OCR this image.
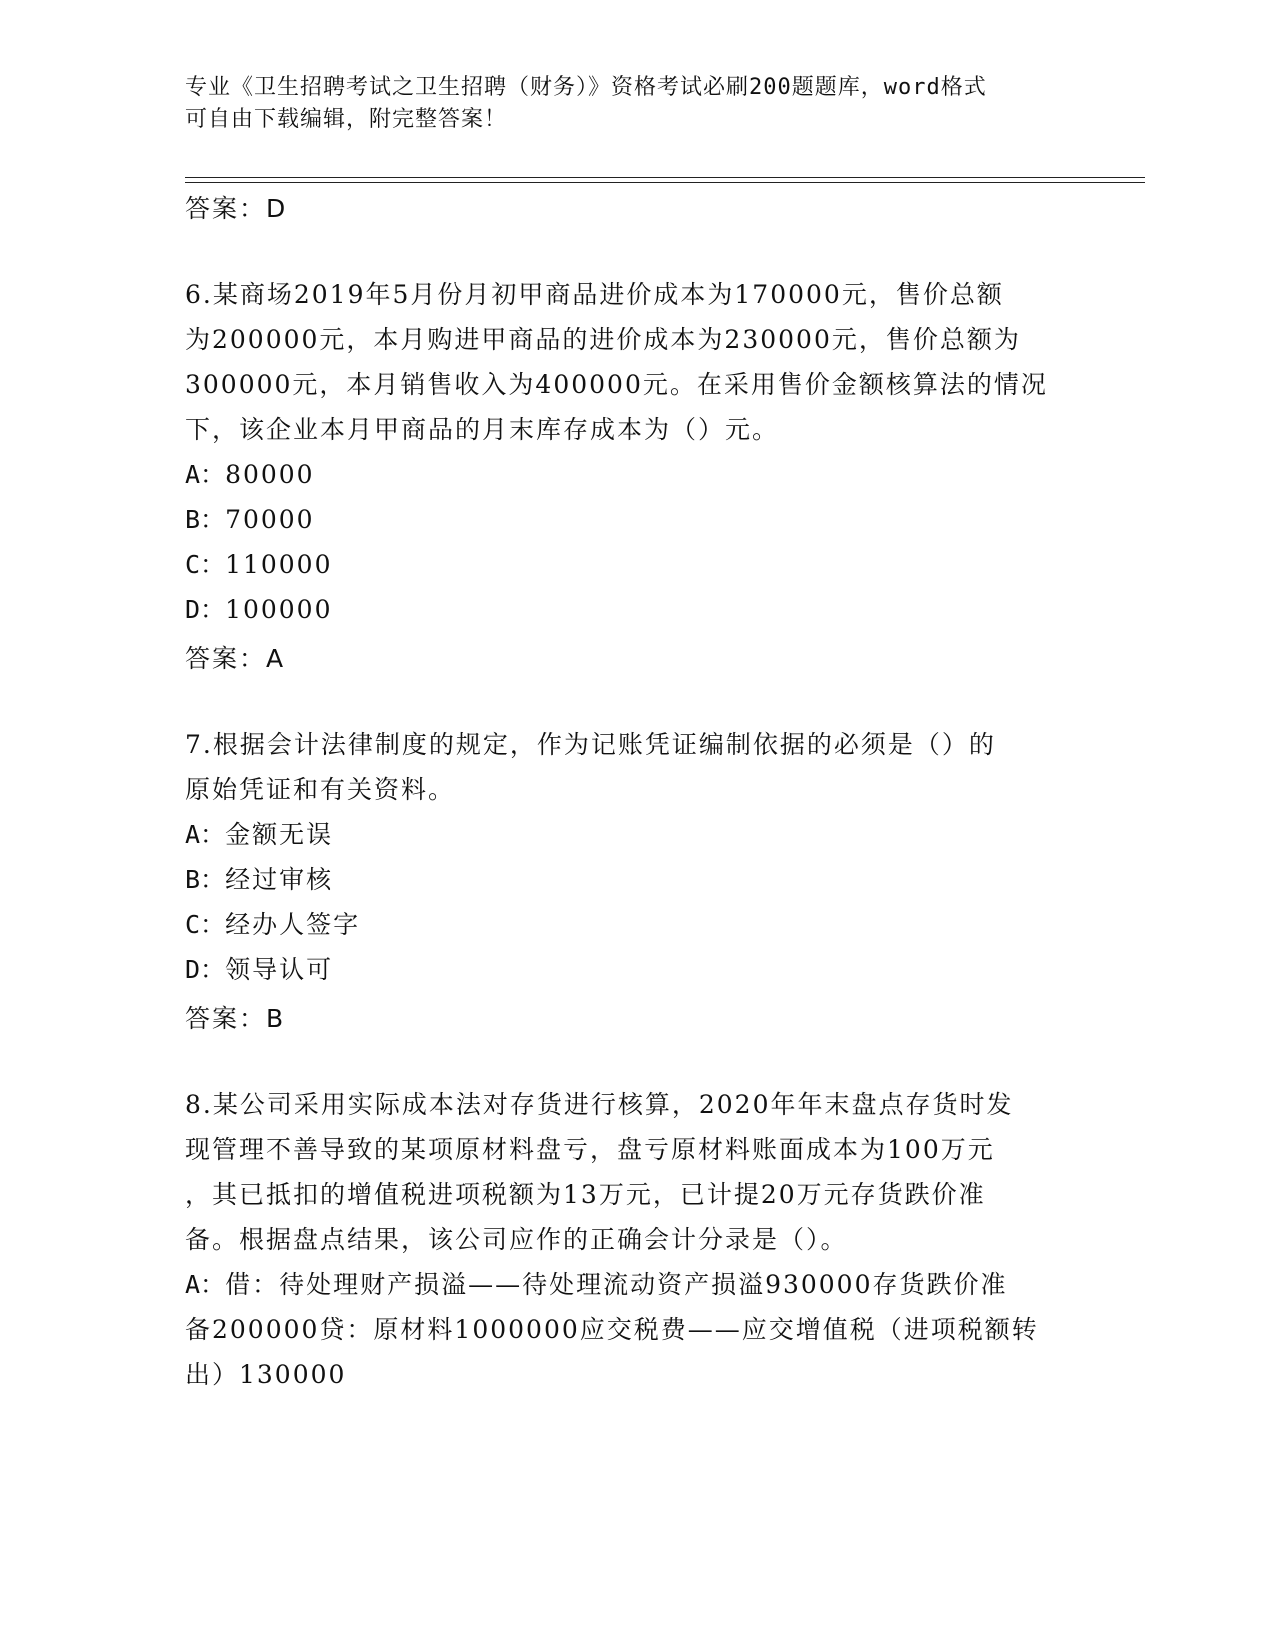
专业《卫生招聘考试之卫生招聘（财务）》资格考试必刷200题题库，word格式
可自由下载编辑，附完整答案！
答案：D
6.某商场2019年5月份月初甲商品进价成本为170000元，售价总额
为200000元，本月购进甲商品的进价成本为230000元，售价总额为
300000元，本月销售收入为400000元。在采用售价金额核算法的情况
下，该企业本月甲商品的月末库存成本为（）元。
A：80000
B：70000
C：110000
D：100000
答案：A
7.根据会计法律制度的规定，作为记账凭证编制依据的必须是（）的
原始凭证和有关资料。
A：金额无误
B：经过审核
C：经办人签字
D：领导认可
答案：B
8.某公司采用实际成本法对存货进行核算，2020年年末盘点存货时发
现管理不善导致的某项原材料盘亏，盘亏原材料账面成本为100万元
，其已抵扣的增值税进项税额为13万元，已计提20万元存货跌价准
备。根据盘点结果，该公司应作的正确会计分录是（）。
A：借：待处理财产损溢——待处理流动资产损溢930000存货跌价准
备200000贷：原材料1000000应交税费——应交增值税（进项税额转
出）130000
